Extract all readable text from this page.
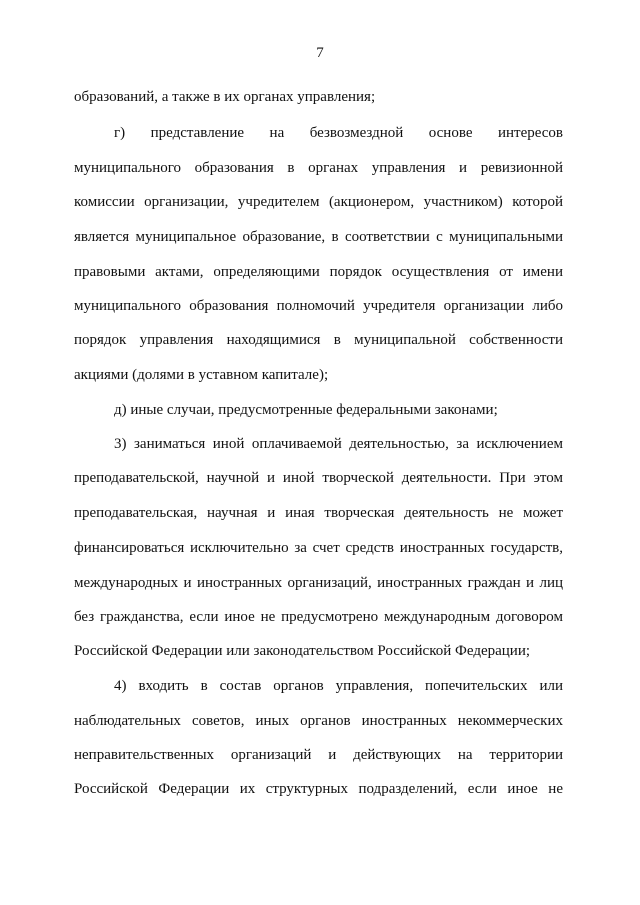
7
образований, а также в их органах управления;
г) представление на безвозмездной основе интересов
муниципального образования в органах управления и ревизионной
комиссии организации, учредителем (акционером, участником) которой
является муниципальное образование, в соответствии с муниципальными
правовыми актами, определяющими порядок осуществления от имени
муниципального образования полномочий учредителя организации либо
порядок управления находящимися в муниципальной собственности
акциями (долями в уставном капитале);
д) иные случаи, предусмотренные федеральными законами;
3) заниматься иной оплачиваемой деятельностью, за исключением
преподавательской, научной и иной творческой деятельности. При этом
преподавательская, научная и иная творческая деятельность не может
финансироваться исключительно за счет средств иностранных государств,
международных и иностранных организаций, иностранных граждан и лиц
без гражданства, если иное не предусмотрено международным договором
Российской Федерации или законодательством Российской Федерации;
4) входить в состав органов управления, попечительских или
наблюдательных советов, иных органов иностранных некоммерческих
неправительственных организаций и действующих на территории
Российской Федерации их структурных подразделений, если иное не
